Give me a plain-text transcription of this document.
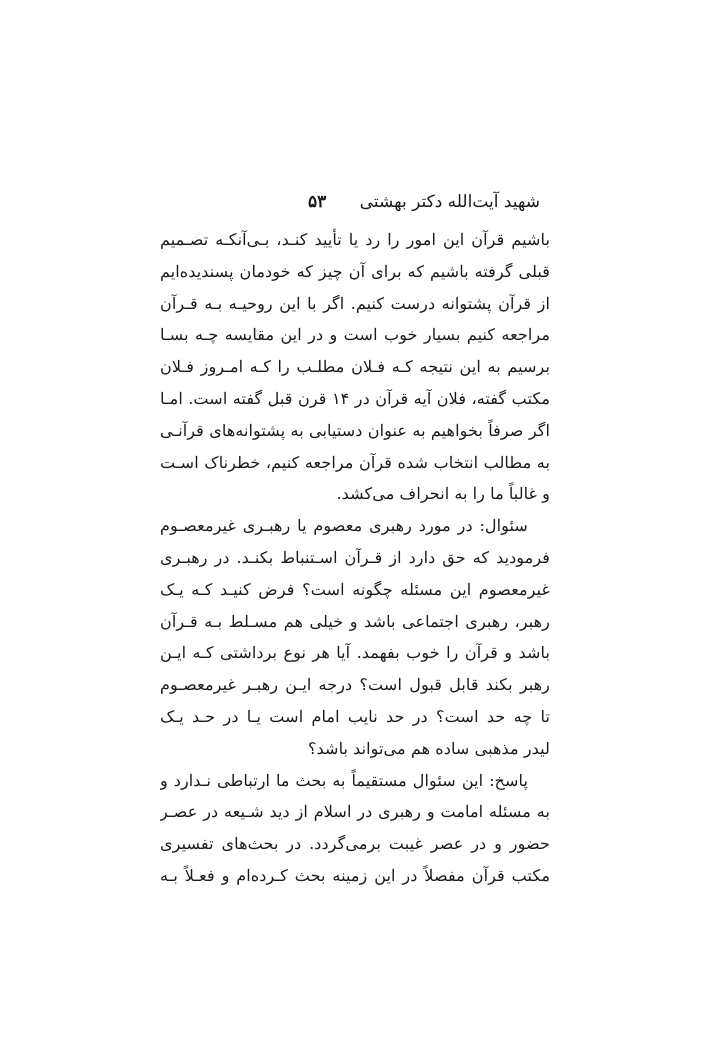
شهید آیت‌الله دکتر بهشتی ۵۳
باشیم قرآن این امور را رد یا تأیید کنـد، بـی‌آنکـه تصـمیم
قبلی گرفته باشیم که برای آن چیز که خودمان پسندیده‌ایم
از قرآن پشتوانه درست کنیم. اگر با این روحیـه بـه قـرآن
مراجعه کنیم بسیار خوب است و در این مقایسه چـه بسـا
برسیم به این نتیجه کـه فـلان مطلـب را کـه امـروز فـلان
مکتب گفته، فلان آیه قرآن در ۱۴ قرن قبل گفته است. امـا
اگر صرفاً بخواهیم به عنوان دستیابی به پشتوانه‌های قرآنـی
به مطالب انتخاب شده قرآن مراجعه کنیم، خطرناک اسـت
و غالباً ما را به انحراف می‌کشد.
سئوال: در مورد رهبری معصوم یا رهبـری غیرمعصـوم
فرمودید که حق دارد از قـرآن اسـتنباط بکنـد. در رهبـری
غیرمعصوم این مسئله چگونه است؟ فرض کنیـد کـه یـک
رهبر، رهبری اجتماعی باشد و خیلی هم مسـلط بـه قـرآن
باشد و قرآن را خوب بفهمد. آیا هر نوع برداشتی کـه ایـن
رهبر بکند قابل قبول است؟ درجه ایـن رهبـر غیرمعصـوم
تا چه حد است؟ در حد نایب امام است یـا در حـد یـک
لیدر مذهبی ساده هم می‌تواند باشد؟
پاسخ: این سئوال مستقیماً به بحث ما ارتباطی نـدارد و
به مسئله امامت و رهبری در اسلام از دید شـیعه در عصـر
حضور و در عصر غیبت برمی‌گردد. در بحث‌های تفسیری
مکتب قرآن مفصلاً در این زمینه بحث کـرده‌ام و فعـلاً بـه
